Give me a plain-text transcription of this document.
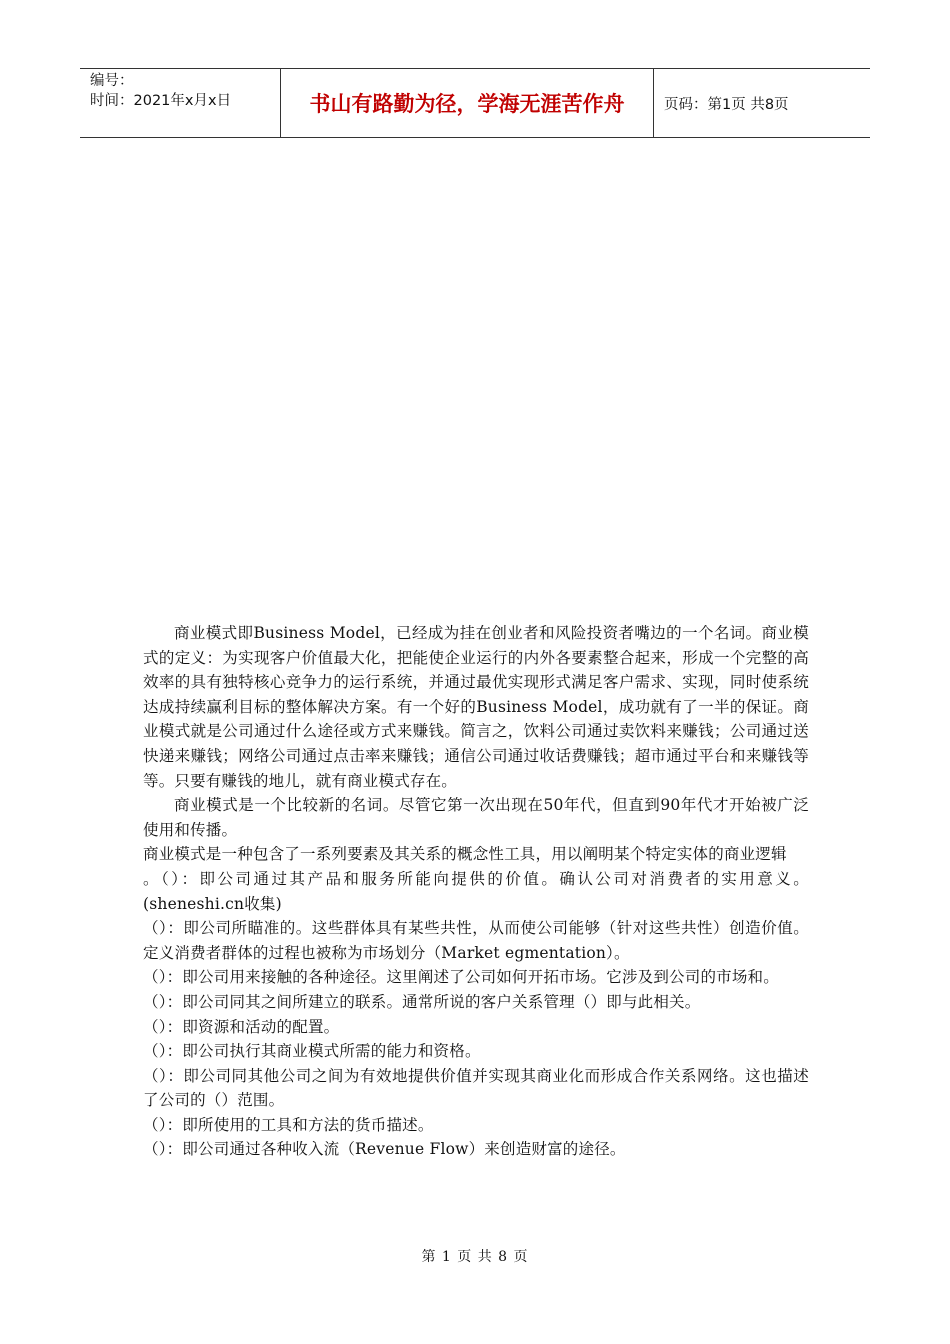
编号：
时间：2021年x月x日	书山有路勤为径，学海无涯苦作舟	页码：第1页 共8页

商业模式即Business Model，已经成为挂在创业者和风险投资者嘴边的一个名词。商业模式的定义：为实现客户价值最大化，把能使企业运行的内外各要素整合起来，形成一个完整的高效率的具有独特核心竞争力的运行系统，并通过最优实现形式满足客户需求、实现，同时使系统达成持续赢利目标的整体解决方案。有一个好的Business Model，成功就有了一半的保证。商业模式就是公司通过什么途径或方式来赚钱。简言之，饮料公司通过卖饮料来赚钱；公司通过送快递来赚钱；网络公司通过点击率来赚钱；通信公司通过收话费赚钱；超市通过平台和来赚钱等等。只要有赚钱的地儿，就有商业模式存在。

商业模式是一个比较新的名词。尽管它第一次出现在50年代，但直到90年代才开始被广泛使用和传播。

商业模式是一种包含了一系列要素及其关系的概念性工具，用以阐明某个特定实体的商业逻辑

。（）：即公司通过其产品和服务所能向提供的价值。确认公司对消费者的实用意义。(sheneshi.cn收集)

（）：即公司所瞄准的。这些群体具有某些共性，从而使公司能够（针对这些共性）创造价值。定义消费者群体的过程也被称为市场划分（Market egmentation）。

（）：即公司用来接触的各种途径。这里阐述了公司如何开拓市场。它涉及到公司的市场和。

（）：即公司同其之间所建立的联系。通常所说的客户关系管理（）即与此相关。

（）：即资源和活动的配置。

（）：即公司执行其商业模式所需的能力和资格。

（）：即公司同其他公司之间为有效地提供价值并实现其商业化而形成合作关系网络。这也描述了公司的（）范围。

（）：即所使用的工具和方法的货币描述。

（）：即公司通过各种收入流（Revenue Flow）来创造财富的途径。

第 1 页 共 8 页
